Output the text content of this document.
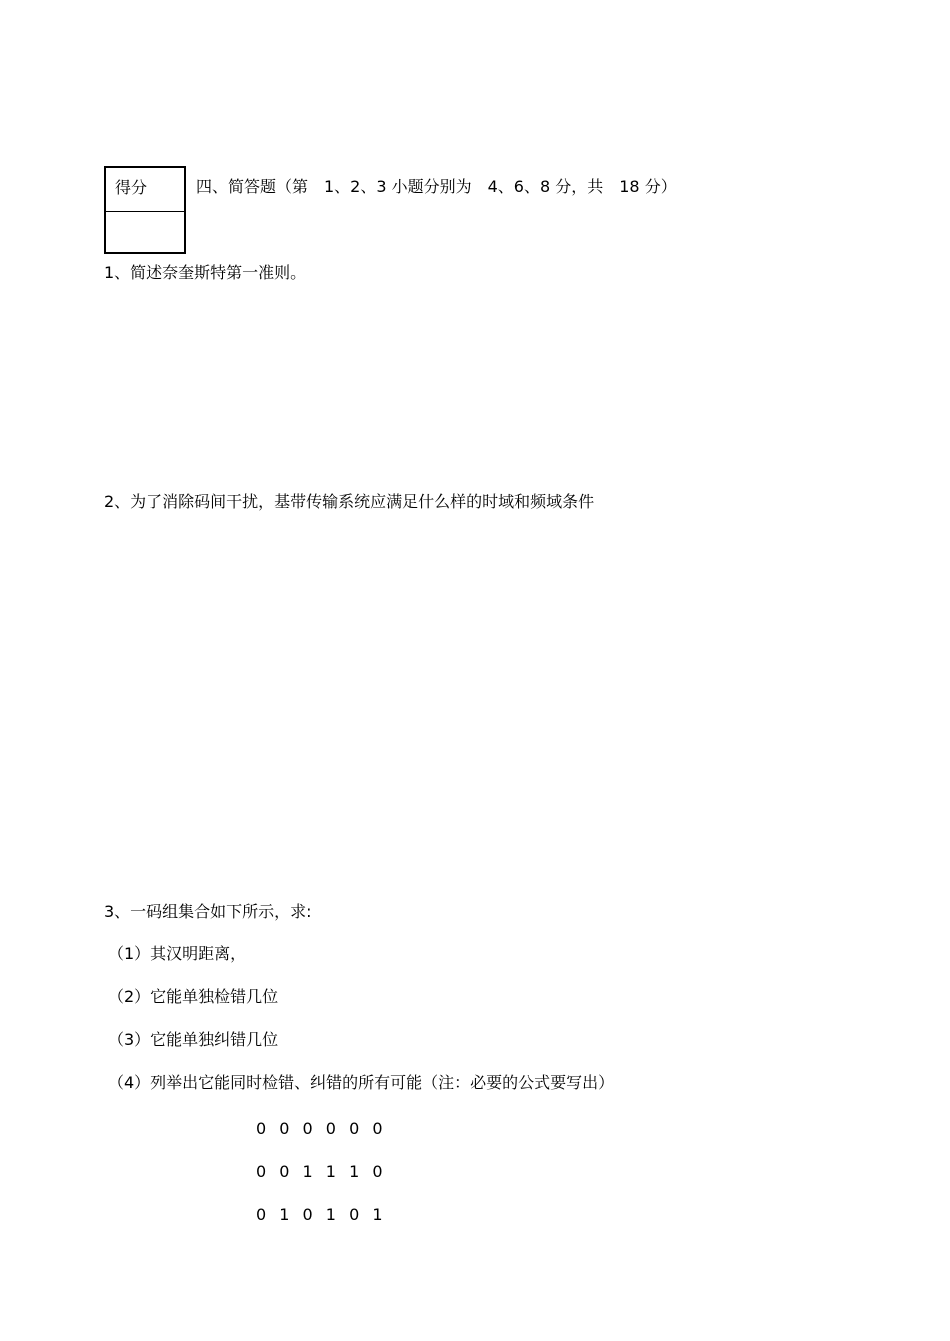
得分	四、简答题（第　1、2、3 小题分别为　4、6、8 分，共　18 分）
1、简述奈奎斯特第一准则。
2、为了消除码间干扰，基带传输系统应满足什么样的时域和频域条件
3、一码组集合如下所示，求:
（1）其汉明距离，
（2）它能单独检错几位
（3）它能单独纠错几位
（4）列举出它能同时检错、纠错的所有可能（注：必要的公式要写出）
0 0 0 0 0 0
0 0 1 1 1 0
0 1 0 1 0 1
